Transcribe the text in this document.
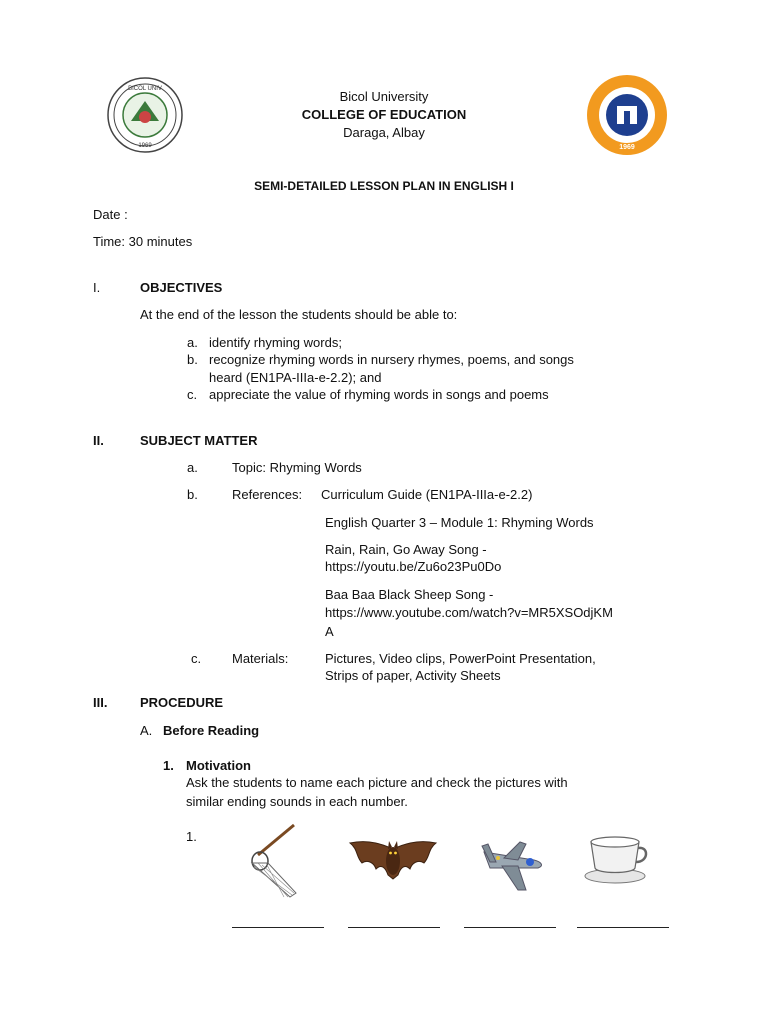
BICOL UNIV
1969
Bicol University
COLLEGE OF EDUCATION
Daraga, Albay
1969
SEMI-DETAILED LESSON PLAN IN ENGLISH I
Date :
Time: 30 minutes
I.	OBJECTIVES
At the end of the lesson the students should be able to:
a. identify rhyming words;
b. recognize rhyming words in nursery rhymes, poems, and songs
heard (EN1PA-IIIa-e-2.2); and
c. appreciate the value of rhyming words in songs and poems
II.	SUBJECT MATTER
a.	Topic: Rhyming Words
b.	References: Curriculum Guide (EN1PA-IIIa-e-2.2)
English Quarter 3 – Module 1: Rhyming Words
Rain, Rain, Go Away Song -
https://youtu.be/Zu6o23Pu0Do
Baa Baa Black Sheep Song -
https://www.youtube.com/watch?v=MR5XSOdjKM
A
c. Materials:	Pictures, Video clips, PowerPoint Presentation,
Strips of paper, Activity Sheets
III.	PROCEDURE
A. Before Reading
1. Motivation
Ask the students to name each picture and check the pictures with
similar ending sounds in each number.
1.
